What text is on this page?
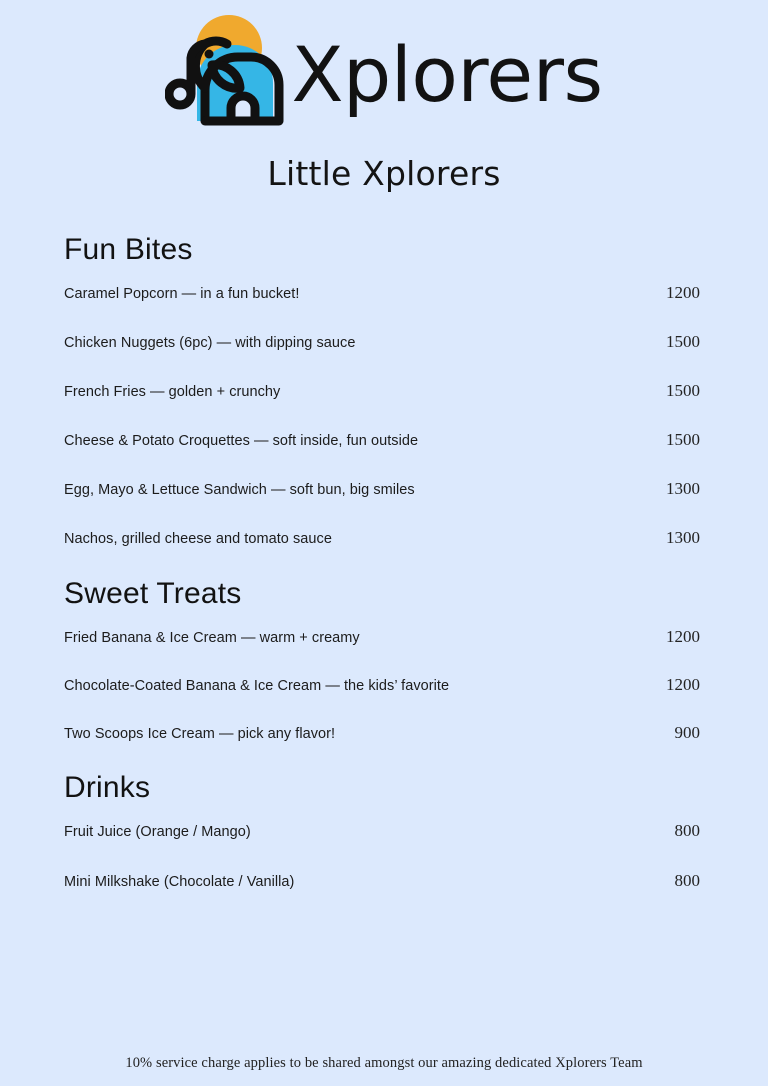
Xplorers
Little Xplorers
Fun Bites
Caramel Popcorn — in a fun bucket!	1200
Chicken Nuggets (6pc) — with dipping sauce	1500
French Fries — golden + crunchy	1500
Cheese & Potato Croquettes — soft inside, fun outside	1500
Egg, Mayo & Lettuce Sandwich — soft bun, big smiles	1300
Nachos, grilled cheese and tomato sauce	1300
Sweet Treats
Fried Banana & Ice Cream — warm + creamy	1200
Chocolate-Coated Banana & Ice Cream — the kids’ favorite	1200
Two Scoops Ice Cream — pick any flavor!	900
Drinks
Fruit Juice (Orange / Mango)	800
Mini Milkshake (Chocolate / Vanilla)	800
10% service charge applies to be shared amongst our amazing dedicated Xplorers Team
